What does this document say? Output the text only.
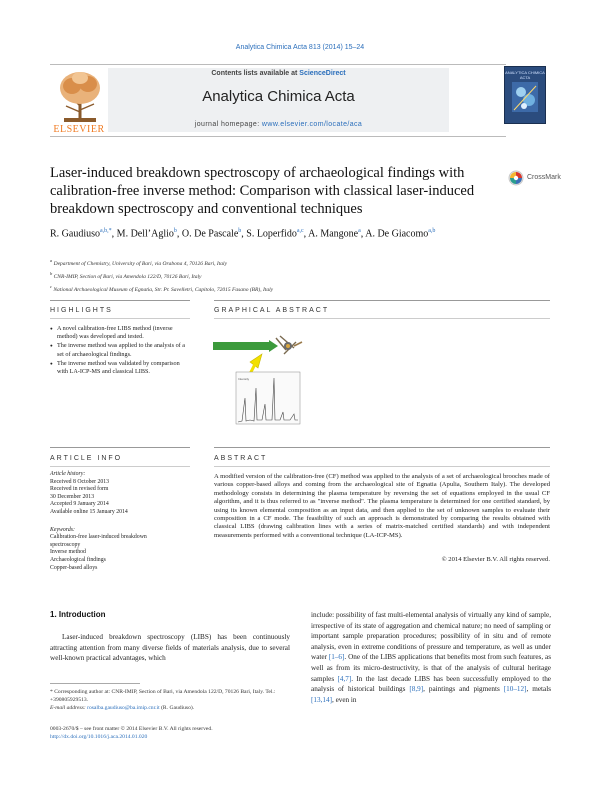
Analytica Chimica Acta 813 (2014) 15–24
ELSEVIER
Contents lists available at ScienceDirect
Analytica Chimica Acta
journal homepage: www.elsevier.com/locate/aca
ANALYTICA CHIMICA ACTA
Laser-induced breakdown spectroscopy of archaeological findings with calibration-free inverse method: Comparison with classical laser-induced breakdown spectroscopy and conventional techniques
CrossMark
R. Gaudiuso$^{a,b,*}$, M. Dell’Aglio$^b$, O. De Pascale$^b$, S. Loperfido$^{a,c}$, A. Mangone$^a$, A. De Giacomo$^{a,b}$
$^a$ Department of Chemistry, University of Bari, via Orabona 4, 70126 Bari, Italy
$^b$ CNR-IMIP, Section of Bari, via Amendola 122/D, 70126 Bari, Italy
$^c$ National Archaeological Museum of Egnatia, Str. Pr. Savelletri, Capitolo, 72015 Fasano (BR), Italy
HIGHLIGHTS	GRAPHICAL ABSTRACT
ARTICLE INFO	ABSTRACT
● A novel calibration-free LIBS method (inverse method) was developed and tested.
● The inverse method was applied to the analysis of a set of archaeological findings.
● The inverse method was validated by comparison with LA-ICP-MS and classical LIBS.
Intensity
Article history:
Received 8 October 2013
Received in revised form
30 December 2013
Accepted 9 January 2014
Available online 15 January 2014
Keywords:
Calibration-free laser-induced breakdown
spectroscopy
Inverse method
Archaeological findings
Copper-based alloys
A modified version of the calibration-free (CF) method was applied to the analysis of a set of archaeological brooches made of various copper-based alloys and coming from the archaeological site of Egnatia (Apulia, Southern Italy). The developed methodology consists in determining the plasma temperature by reversing the set of equations employed in the usual CF algorithm, and it is thus referred to as "inverse method". The plasma temperature is determined for one certified standard, by using its known elemental composition as an input data, and then applied to the set of unknown samples to evaluate their composition in a CF mode. The feasibility of such an approach is demonstrated by comparing the results obtained with classical LIBS (drawing calibration lines with a series of matrix-matched certified standards) and with independent measurements performed with a conventional technique (LA-ICP-MS).
© 2014 Elsevier B.V. All rights reserved.
1. Introduction
Laser-induced breakdown spectroscopy (LIBS) has been continuously attracting attention from many diverse fields of materials analysis, due to several well-known practical advantages, which
include: possibility of fast multi-elemental analysis of virtually any kind of sample, irrespective of its state of aggregation and chemical nature; no need of sampling or important sample preparation procedures; possibility of in situ and of remote analysis, even in extreme conditions of pressure and temperature, as well as under water [1–6]. One of the LIBS applications that benefits most from such features, as well as from its micro-destructivity, is that of the analysis of cultural heritage samples [4,7]. In the last decade LIBS has been successfully employed to the analysis of historical buildings [8,9], paintings and pigments [10–12], metals [13,14], even in
* Corresponding author at: CNR-IMIP, Section of Bari, via Amendola 122/D, 70126 Bari, Italy. Tel.: +390805929513.
E-mail address: rosalba.gaudiuso@ba.imip.cnr.it (R. Gaudiuso).
0003-2670/$ – see front matter © 2014 Elsevier B.V. All rights reserved.
http://dx.doi.org/10.1016/j.aca.2014.01.020
